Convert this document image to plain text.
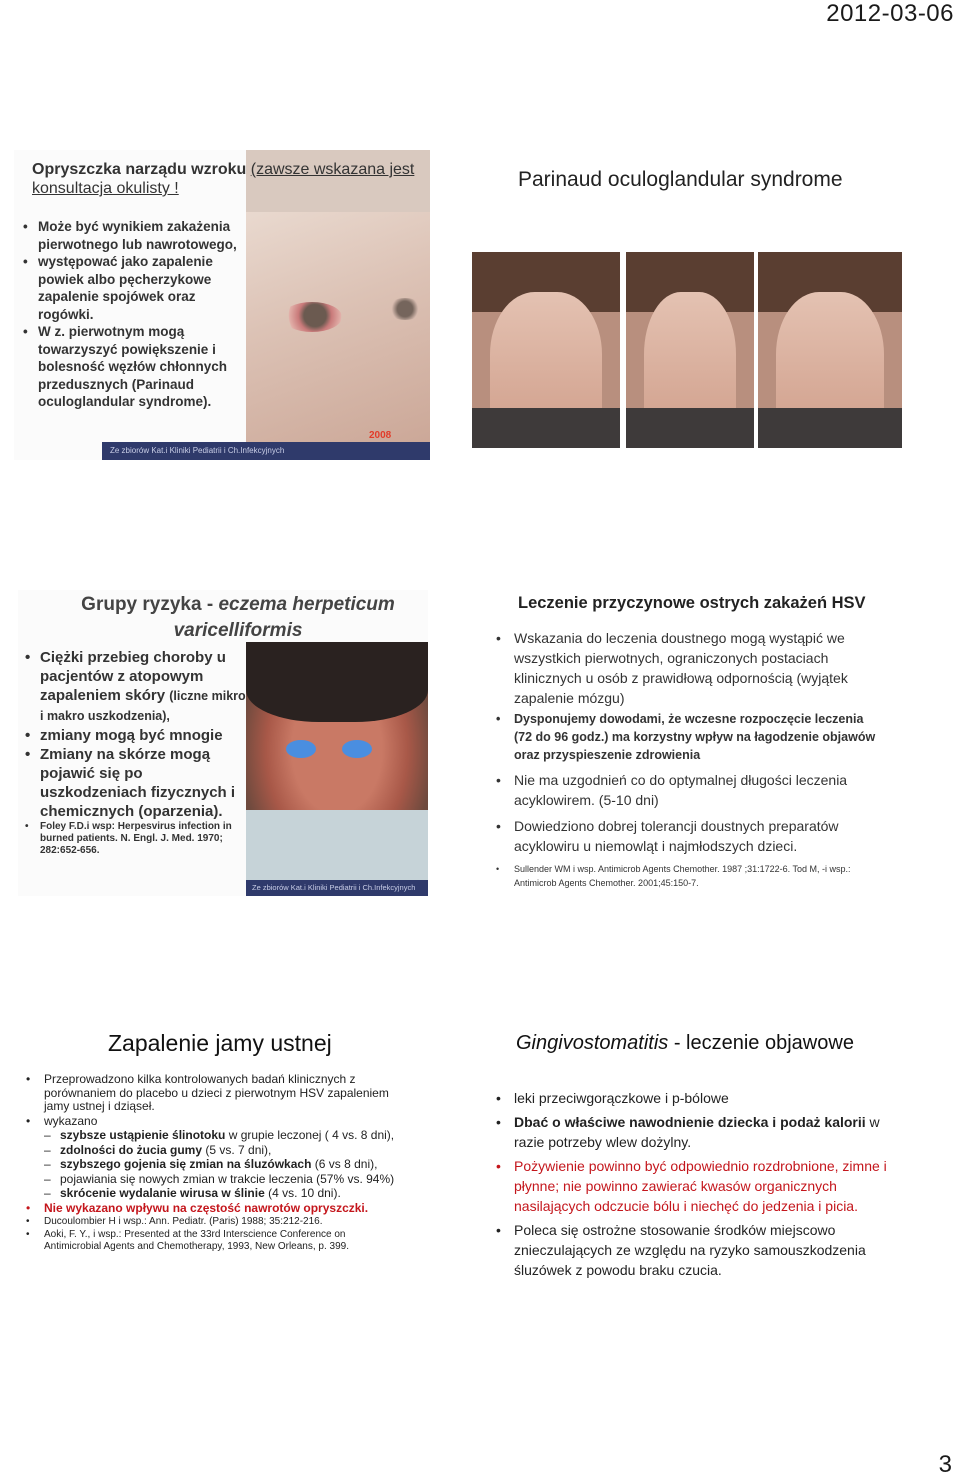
2012-03-06
Opryszczka narządu wzroku (zawsze wskazana jest konsultacja okulisty !
• Może być wynikiem zakażenia pierwotnego lub nawrotowego,
• występować jako zapalenie powiek albo pęcherzykowe zapalenie spojówek oraz rogówki.
• W z. pierwotnym mogą towarzyszyć powiększenie i bolesność węzłów chłonnych przedusznych (Parinaud oculoglandular syndrome).
2008
Ze zbiorów Kat.i Kliniki Pediatrii i Ch.Infekcyjnych
Parinaud oculoglandular syndrome
Grupy ryzyka - eczema herpeticum varicelliformis
• Ciężki przebieg choroby u pacjentów z atopowym zapaleniem skóry (liczne mikro i makro uszkodzenia),
• zmiany mogą być mnogie
• Zmiany na skórze mogą pojawić się po uszkodzeniach fizycznych i chemicznych (oparzenia).
• Foley F.D.i wsp: Herpesvirus infection in burned patients. N. Engl. J. Med. 1970; 282:652-656.
Ze zbiorów Kat.i Kliniki Pediatrii i Ch.Infekcyjnych
Leczenie przyczynowe ostrych zakażeń HSV
• Wskazania do leczenia doustnego mogą wystąpić we wszystkich pierwotnych, ograniczonych postaciach klinicznych u osób z prawidłową odpornością (wyjątek zapalenie mózgu)
• Dysponujemy dowodami, że wczesne rozpoczęcie leczenia (72 do 96 godz.) ma korzystny wpływ na łagodzenie objawów oraz przyspieszenie zdrowienia
• Nie ma uzgodnień co do optymalnej długości leczenia acyklowirem. (5-10 dni)
• Dowiedziono dobrej tolerancji doustnych preparatów acyklowiru u niemowląt i najmłodszych dzieci.
• Sullender WM i wsp. Antimicrob Agents Chemother. 1987 ;31:1722-6. Tod M, -i wsp.: Antimicrob Agents Chemother. 2001;45:150-7.
Zapalenie jamy ustnej
• Przeprowadzono kilka kontrolowanych badań klinicznych z porównaniem do placebo u dzieci z pierwotnym HSV zapaleniem jamy ustnej i dziąseł.
• wykazano
– szybsze ustąpienie ślinotoku w grupie leczonej ( 4 vs. 8 dni),
– zdolności do żucia gumy (5 vs. 7 dni),
– szybszego gojenia się zmian na śluzówkach (6 vs 8 dni),
– pojawiania się nowych zmian w trakcie leczenia (57% vs. 94%)
– skrócenie wydalanie wirusa w ślinie (4 vs. 10 dni).
• Nie wykazano wpływu na częstość nawrotów opryszczki.
• Ducoulombier H i wsp.: Ann. Pediatr. (Paris) 1988; 35:212-216.
• Aoki, F. Y., i wsp.: Presented at the 33rd Interscience Conference on Antimicrobial Agents and Chemotherapy, 1993, New Orleans, p. 399.
Gingivostomatitis - leczenie objawowe
• leki przeciwgorączkowe i p-bólowe
• Dbać o właściwe nawodnienie dziecka i podaż kalorii w razie potrzeby wlew dożylny.
• Pożywienie powinno być odpowiednio rozdrobnione, zimne i płynne; nie powinno zawierać kwasów organicznych nasilających odczucie bólu i niechęć do jedzenia i picia.
• Poleca się ostrożne stosowanie środków miejscowo znieczulających ze względu na ryzyko samouszkodzenia śluzówek z powodu braku czucia.
3
